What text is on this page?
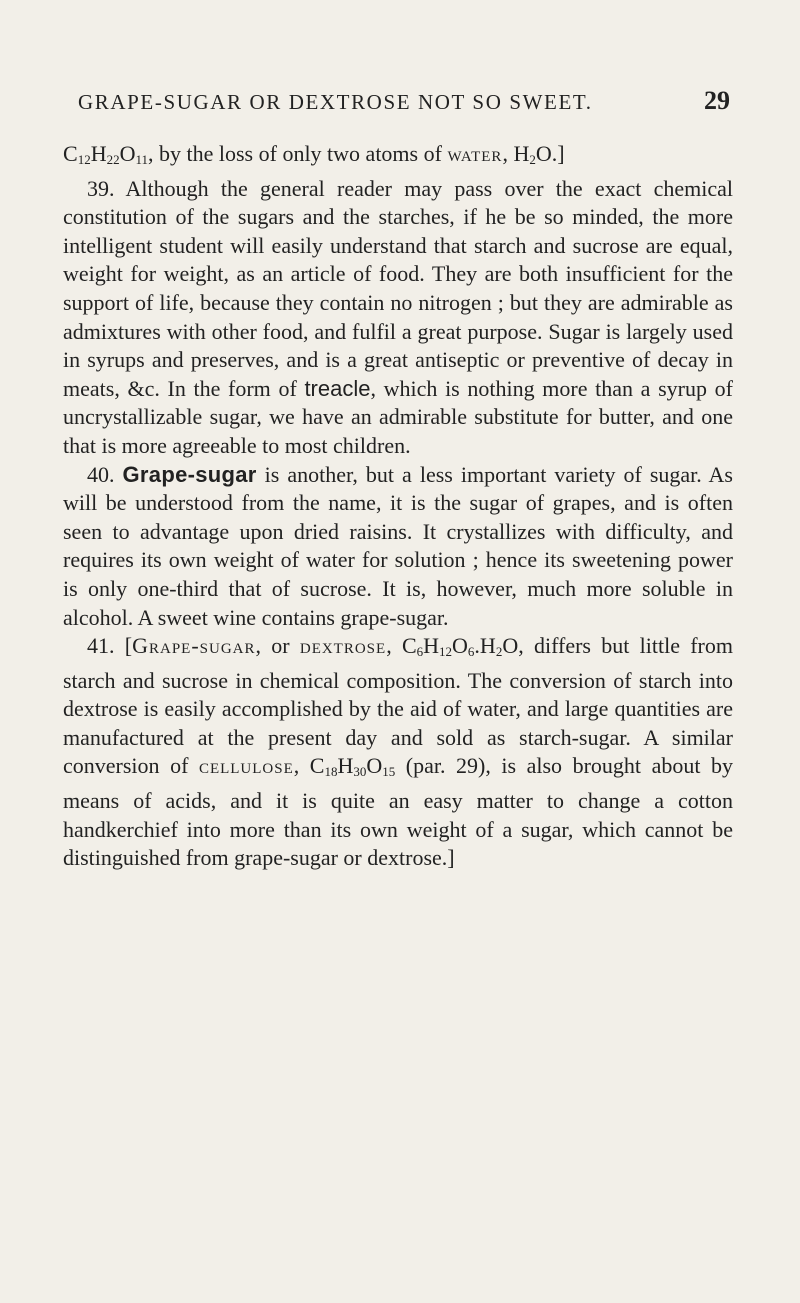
GRAPE-SUGAR OR DEXTROSE NOT SO SWEET.	29

$C_{12}H_{22}O_{11}$, by the loss of only two atoms of water, $H_2O$.]

39. Although the general reader may pass over the exact chemical constitution of the sugars and the starches, if he be so minded, the more intelligent student will easily understand that starch and sucrose are equal, weight for weight, as an article of food. They are both insufficient for the support of life, because they contain no nitrogen ; but they are admirable as admixtures with other food, and fulfil a great purpose. Sugar is largely used in syrups and preserves, and is a great antiseptic or preventive of decay in meats, &c. In the form of treacle, which is nothing more than a syrup of uncrystallizable sugar, we have an admirable substitute for butter, and one that is more agreeable to most children.

40. Grape-sugar is another, but a less important variety of sugar. As will be understood from the name, it is the sugar of grapes, and is often seen to advantage upon dried raisins. It crystallizes with difficulty, and requires its own weight of water for solution ; hence its sweetening power is only one-third that of sucrose. It is, however, much more soluble in alcohol. A sweet wine contains grape-sugar.

41. [Grape-sugar, or dextrose, $C_6H_{12}O_6.H_2O$, differs but little from starch and sucrose in chemical composition. The conversion of starch into dextrose is easily accomplished by the aid of water, and large quantities are manufactured at the present day and sold as starch-sugar. A similar conversion of cellulose, $C_{18}H_{30}O_{15}$ (par. 29), is also brought about by means of acids, and it is quite an easy matter to change a cotton handkerchief into more than its own weight of a sugar, which cannot be distinguished from grape-sugar or dextrose.]
